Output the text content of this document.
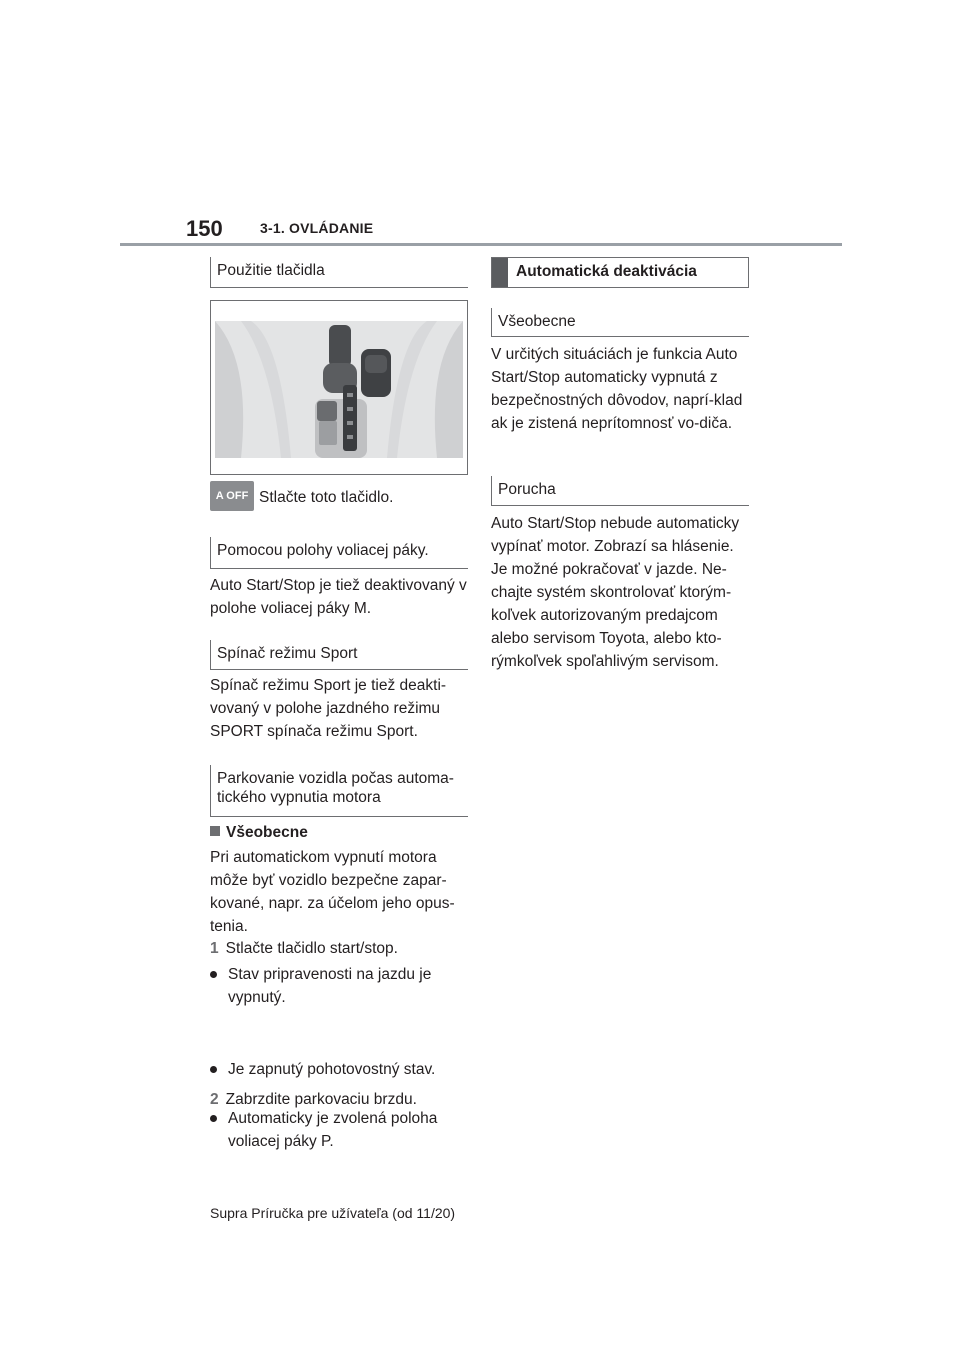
150	3-1. OVLÁDANIE
Použitie tlačidla
A OFF Stlačte toto tlačidlo.
Pomocou polohy voliacej páky.
Auto Start/Stop je tiež deaktivovaný v polohe voliacej páky M.
Spínač režimu Sport
Spínač režimu Sport je tiež deakti-vovaný v polohe jazdného režimu SPORT spínača režimu Sport.
Parkovanie vozidla počas automa-tického vypnutia motora
Všeobecne
Pri automatickom vypnutí motora môže byť vozidlo bezpečne zapar-kované, napr. za účelom jeho opus-tenia.
1 Stlačte tlačidlo start/stop.
Stav pripravenosti na jazdu je vypnutý.
Je zapnutý pohotovostný stav.
Automaticky je zvolená poloha voliacej páky P.
2 Zabrzdite parkovaciu brzdu.
Automatická deaktivácia
Všeobecne
V určitých situáciách je funkcia Auto Start/Stop automaticky vypnutá z bezpečnostných dôvodov, naprí-klad ak je zistená neprítomnosť vo-diča.
Porucha
Auto Start/Stop nebude automaticky vypínať motor. Zobrazí sa hlásenie. Je možné pokračovať v jazde. Ne-chajte systém skontrolovať ktorým-koľvek autorizovaným predajcom alebo servisom Toyota, alebo kto-rýmkoľvek spoľahlivým servisom.
Supra Príručka pre užívateľa (od 11/20)
